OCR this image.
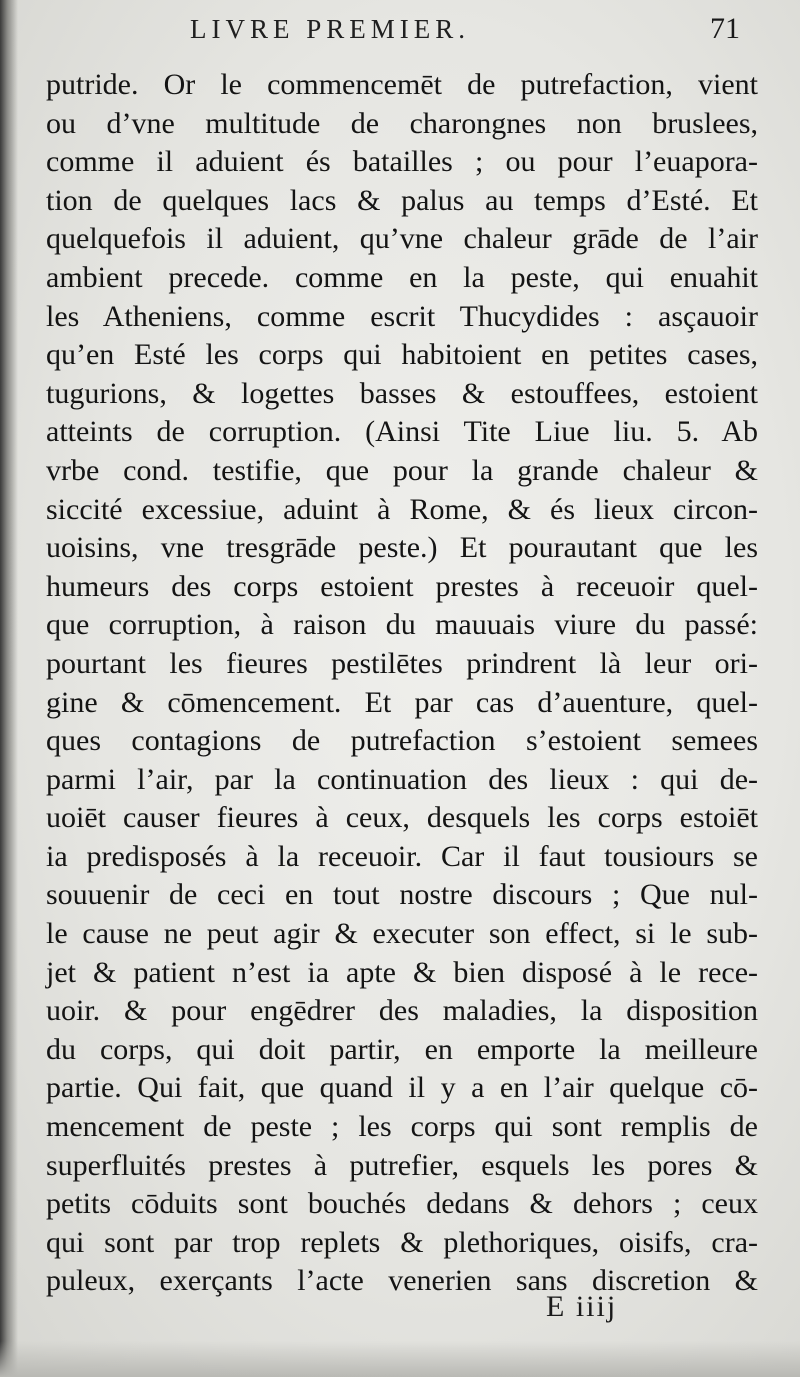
LIVRE PREMIER.	71
putride. Or le commencemēt de putrefaction, vient
ou d’vne multitude de charongnes non bruslees,
comme il aduient és batailles ; ou pour l’euapora-
tion de quelques lacs & palus au temps d’Esté. Et
quelquefois il aduient, qu’vne chaleur grāde de l’air
ambient precede. comme en la peste, qui enuahit
les Atheniens, comme escrit Thucydides : asçauoir
qu’en Esté les corps qui habitoient en petites cases,
tugurions, & logettes basses & estouffees, estoient
atteints de corruption. (Ainsi Tite Liue liu. 5. Ab
vrbe cond. testifie, que pour la grande chaleur &
siccité excessiue, aduint à Rome, & és lieux circon-
uoisins, vne tresgrāde peste.) Et pourautant que les
humeurs des corps estoient prestes à receuoir quel-
que corruption, à raison du mauuais viure du passé:
pourtant les fieures pestilētes prindrent là leur ori-
gine & cōmencement. Et par cas d’auenture, quel-
ques contagions de putrefaction s’estoient semees
parmi l’air, par la continuation des lieux : qui de-
uoiēt causer fieures à ceux, desquels les corps estoiēt
ia predisposés à la receuoir. Car il faut tousiours se
souuenir de ceci en tout nostre discours ; Que nul-
le cause ne peut agir & executer son effect, si le sub-
jet & patient n’est ia apte & bien disposé à le rece-
uoir. & pour engēdrer des maladies, la disposition
du corps, qui doit partir, en emporte la meilleure
partie. Qui fait, que quand il y a en l’air quelque cō-
mencement de peste ; les corps qui sont remplis de
superfluités prestes à putrefier, esquels les pores &
petits cōduits sont bouchés dedans & dehors ; ceux
qui sont par trop replets & plethoriques, oisifs, cra-
puleux, exerçants l’acte venerien sans discretion &
E iiij
